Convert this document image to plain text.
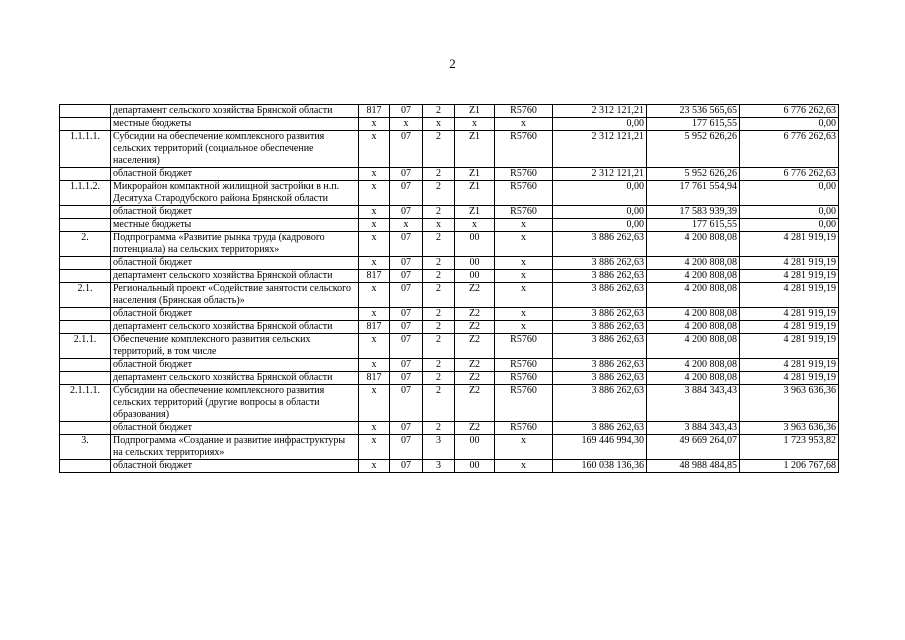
2
	департамент сельского хозяйства Брянской области	817	07	2	Z1	R5760	2 312 121,21	23 536 565,65	6 776 262,63
	местные бюджеты	х	х	х	х	х	0,00	177 615,55	0,00
1.1.1.1.	Субсидии на обеспечение комплексного развития сельских территорий (социальное обеспечение населения)	х	07	2	Z1	R5760	2 312 121,21	5 952 626,26	6 776 262,63
	областной бюджет	х	07	2	Z1	R5760	2 312 121,21	5 952 626,26	6 776 262,63
1.1.1.2.	Микрорайон компактной жилищной застройки в н.п. Десятуха Стародубского района Брянской области	х	07	2	Z1	R5760	0,00	17 761 554,94	0,00
	областной бюджет	х	07	2	Z1	R5760	0,00	17 583 939,39	0,00
	местные бюджеты	х	х	х	х	х	0,00	177 615,55	0,00
2.	Подпрограмма «Развитие рынка труда (кадрового потенциала) на сельских территориях»	х	07	2	00	х	3 886 262,63	4 200 808,08	4 281 919,19
	областной бюджет	х	07	2	00	х	3 886 262,63	4 200 808,08	4 281 919,19
	департамент сельского хозяйства Брянской области	817	07	2	00	х	3 886 262,63	4 200 808,08	4 281 919,19
2.1.	Региональный проект «Содействие занятости сельского населения (Брянская область)»	х	07	2	Z2	х	3 886 262,63	4 200 808,08	4 281 919,19
	областной бюджет	х	07	2	Z2	х	3 886 262,63	4 200 808,08	4 281 919,19
	департамент сельского хозяйства Брянской области	817	07	2	Z2	х	3 886 262,63	4 200 808,08	4 281 919,19
2.1.1.	Обеспечение комплексного развития сельских территорий, в том числе	х	07	2	Z2	R5760	3 886 262,63	4 200 808,08	4 281 919,19
	областной бюджет	х	07	2	Z2	R5760	3 886 262,63	4 200 808,08	4 281 919,19
	департамент сельского хозяйства Брянской области	817	07	2	Z2	R5760	3 886 262,63	4 200 808,08	4 281 919,19
2.1.1.1.	Субсидии на обеспечение комплексного развития сельских территорий (другие вопросы в области образования)	х	07	2	Z2	R5760	3 886 262,63	3 884 343,43	3 963 636,36
	областной бюджет	х	07	2	Z2	R5760	3 886 262,63	3 884 343,43	3 963 636,36
3.	Подпрограмма «Создание и развитие инфраструктуры на сельских территориях»	х	07	3	00	х	169 446 994,30	49 669 264,07	1 723 953,82
	областной бюджет	х	07	3	00	х	160 038 136,36	48 988 484,85	1 206 767,68
